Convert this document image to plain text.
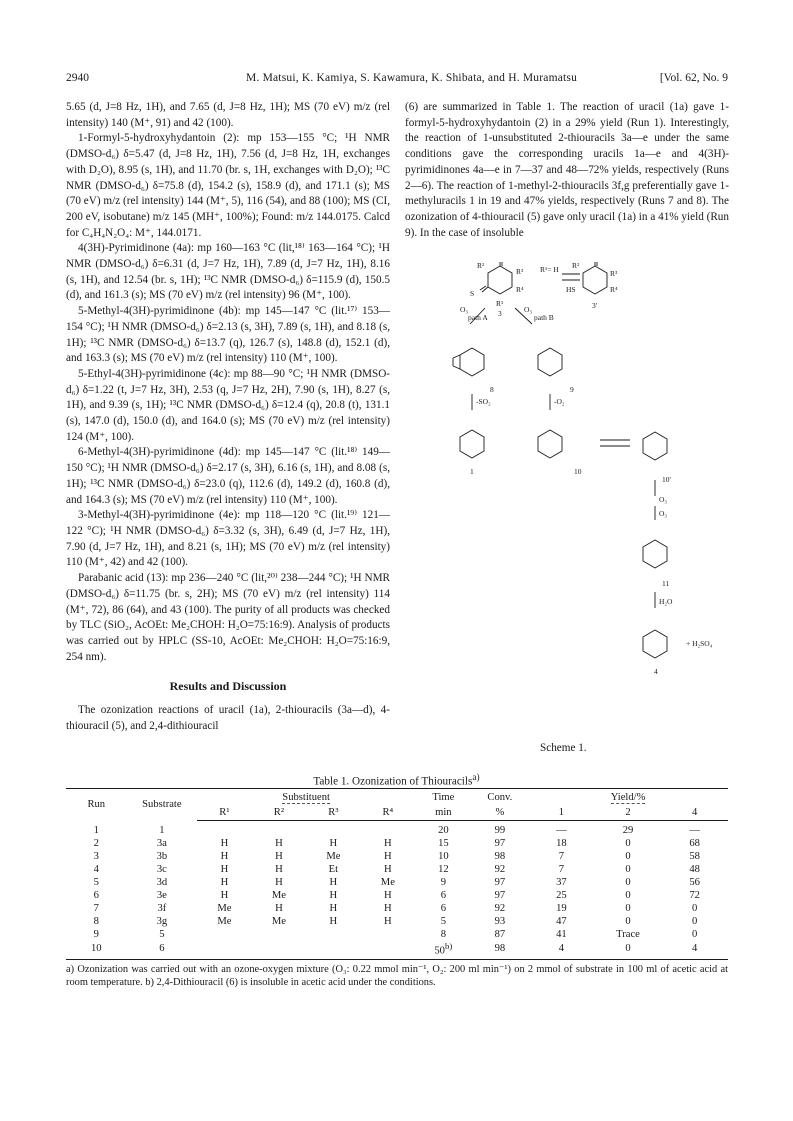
2940	M. Matsui, K. Kamiya, S. Kawamura, K. Shibata, and H. Muramatsu	[Vol. 62, No. 9

5.65 (d, J=8 Hz, 1H), and 7.65 (d, J=8 Hz, 1H); MS (70 eV) m/z (rel intensity) 140 (M⁺, 91) and 42 (100).

1-Formyl-5-hydroxyhydantoin (2): mp 153—155 °C; ¹H NMR (DMSO-d₆) δ=5.47 (d, J=8 Hz, 1H), 7.56 (d, J=8 Hz, 1H, exchanges with D₂O), 8.95 (s, 1H), and 11.70 (br. s, 1H, exchanges with D₂O); ¹³C NMR (DMSO-d₆) δ=75.8 (d), 154.2 (s), 158.9 (d), and 171.1 (s); MS (70 eV) m/z (rel intensity) 144 (M⁺, 5), 116 (54), and 88 (100); MS (CI, 200 eV, isobutane) m/z 145 (MH⁺, 100%); Found: m/z 144.0175. Calcd for C₄H₄N₂O₄: M⁺, 144.0171.

4(3H)-Pyrimidinone (4a): mp 160—163 °C (lit,¹⁸⁾ 163—164 °C); ¹H NMR (DMSO-d₆) δ=6.31 (d, J=7 Hz, 1H), 7.89 (d, J=7 Hz, 1H), 8.16 (s, 1H), and 12.54 (br. s, 1H); ¹³C NMR (DMSO-d₆) δ=115.9 (d), 150.5 (d), and 161.3 (s); MS (70 eV) m/z (rel intensity) 96 (M⁺, 100).

5-Methyl-4(3H)-pyrimidinone (4b): mp 145—147 °C (lit.¹⁷⁾ 153—154 °C); ¹H NMR (DMSO-d₆) δ=2.13 (s, 3H), 7.89 (s, 1H), and 8.18 (s, 1H); ¹³C NMR (DMSO-d₆) δ=13.7 (q), 126.7 (s), 148.8 (d), 152.1 (d), and 163.3 (s); MS (70 eV) m/z (rel intensity) 110 (M⁺, 100).

5-Ethyl-4(3H)-pyrimidinone (4c): mp 88—90 °C; ¹H NMR (DMSO-d₆) δ=1.22 (t, J=7 Hz, 3H), 2.53 (q, J=7 Hz, 2H), 7.90 (s, 1H), 8.27 (s, 1H), and 9.39 (s, 1H); ¹³C NMR (DMSO-d₆) δ=12.4 (q), 20.8 (t), 131.1 (s), 147.0 (d), 150.0 (d), and 164.0 (s); MS (70 eV) m/z (rel intensity) 124 (M⁺, 100).

6-Methyl-4(3H)-pyrimidinone (4d): mp 145—147 °C (lit.¹⁸⁾ 149—150 °C); ¹H NMR (DMSO-d₆) δ=2.17 (s, 3H), 6.16 (s, 1H), and 8.08 (s, 1H); ¹³C NMR (DMSO-d₆) δ=23.0 (q), 112.6 (d), 149.2 (d), 160.8 (d), and 164.3 (s); MS (70 eV) m/z (rel intensity) 110 (M⁺, 100).

3-Methyl-4(3H)-pyrimidinone (4e): mp 118—120 °C (lit.¹⁹⁾ 121—122 °C); ¹H NMR (DMSO-d₆) δ=3.32 (s, 3H), 6.49 (d, J=7 Hz, 1H), 7.90 (d, J=7 Hz, 1H), and 8.21 (s, 1H); MS (70 eV) m/z (rel intensity) 110 (M⁺, 42) and 42 (100).

Parabanic acid (13): mp 236—240 °C (lit,²⁰⁾ 238—244 °C); ¹H NMR (DMSO-d₆) δ=11.75 (br. s, 2H); MS (70 eV) m/z (rel intensity) 114 (M⁺, 72), 86 (64), and 43 (100). The purity of all products was checked by TLC (SiO₂, AcOEt: Me₂CHOH: H₂O=75:16:9). Analysis of products was carried out by HPLC (SS-10, AcOEt: Me₂CHOH: H₂O=75:16:9, 254 nm).

Results and Discussion

The ozonization reactions of uracil (1a), 2-thiouracils (3a—d), 4-thiouracil (5), and 2,4-dithiouracil

(6) are summarized in Table 1. The reaction of uracil (1a) gave 1-formyl-5-hydroxyhydantoin (2) in a 29% yield (Run 1). Interestingly, the reaction of 1-unsubstituted 2-thiouracils 3a—e under the same conditions gave the corresponding uracils 1a—e and 4(3H)-pyrimidinones 4a—e in 7—37 and 48—72% yields, respectively (Runs 2—6). The reaction of 1-methyl-2-thiouracils 3f,g preferentially gave 1-methyluracils 1 in 19 and 47% yields, respectively (Runs 7 and 8). The ozonization of 4-thiouracil (5) gave only uracil (1a) in a 41% yield (Run 9). In the case of insoluble

R²
R³
R⁴
R¹
S
3
R¹= H
HS
R²
R³
R⁴
3'
O₃
path A
O₃
path B
8	9
-SO₂	-O₂
1	10
10'
O₃
O₃
11
H₂O
4
+ H₂SO₄
Scheme 1.
Table 1. Ozonization of Thiouracils$^{a)}$
Run	Substrate	Substituent				Time	Conv.	Yield/%		
		R¹	R²	R³	R⁴	min	%	1	2	4
1	1					20	99	—	29	—
2	3a	H	H	H	H	15	97	18	0	68
3	3b	H	H	Me	H	10	98	7	0	58
4	3c	H	H	Et	H	12	92	7	0	48
5	3d	H	H	H	Me	9	97	37	0	56
6	3e	H	Me	H	H	6	97	25	0	72
7	3f	Me	H	H	H	6	92	19	0	0
8	3g	Me	Me	H	H	5	93	47	0	0
9	5					8	87	41	Trace	0
10	6					50$^{b)}$	98	4	0	4
a) Ozonization was carried out with an ozone-oxygen mixture (O₃: 0.22 mmol min⁻¹, O₂: 200 ml min⁻¹) on 2 mmol of substrate in 100 ml of acetic acid at room temperature. b) 2,4-Dithiouracil (6) is insoluble in acetic acid under the conditions.
